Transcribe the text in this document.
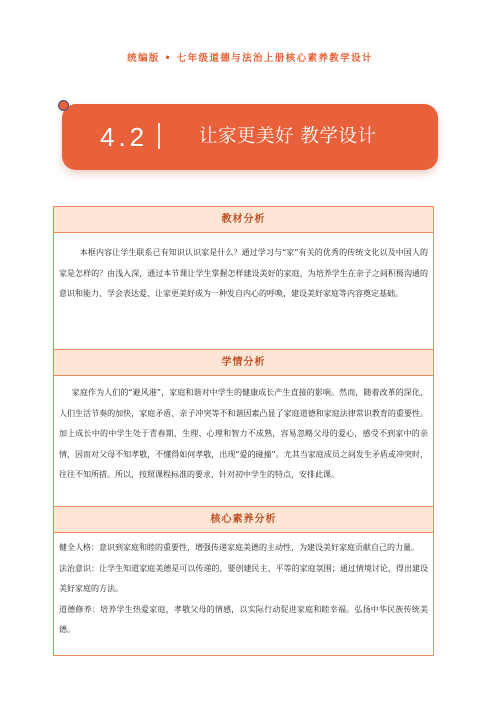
统编版 • 七年级道德与法治上册核心素养教学设计
4.2	让家更美好 教学设计
教材分析
本框内容让学生联系已有知识认识家是什么？通过学习与“家”有关的优秀的传统文化以及中国人的家是怎样的？由浅入深，通过本节课让学生掌握怎样建设美好的家庭，为培养学生在亲子之间积极沟通的意识和能力、学会表达爱、让家更美好成为一种发自内心的呼唤，建设美好家庭等内容奠定基础。
学情分析
家庭作为人们的“避风港”，家庭和谐对中学生的健康成长产生直接的影响。然而，随着改革的深化，人们生活节奏的加快，家庭矛盾、亲子冲突等不和谐因素凸显了家庭道德和家庭法律常识教育的重要性。加上成长中的中学生处于青春期，生理、心理和智力不成熟，容易忽略父母的爱心，感受不到家中的亲情，因而对父母不知孝敬，不懂得如何孝敬，出现“爱的碰撞”。尤其当家庭成员之间发生矛盾或冲突时，往往不知所措。所以，按照课程标准的要求，针对初中学生的特点，安排此课。
核心素养分析

健全人格：意识到家庭和睦的重要性，增强传递家庭美德的主动性，为建设美好家庭贡献自己的力量。

法治意识：让学生知道家庭美德是可以传递的，要创建民主、平等的家庭氛围；通过情境讨论，得出建设美好家庭的方法。

道德修养：培养学生热爱家庭，孝敬父母的情感，以实际行动促进家庭和睦幸福。弘扬中华民族传统美德。
